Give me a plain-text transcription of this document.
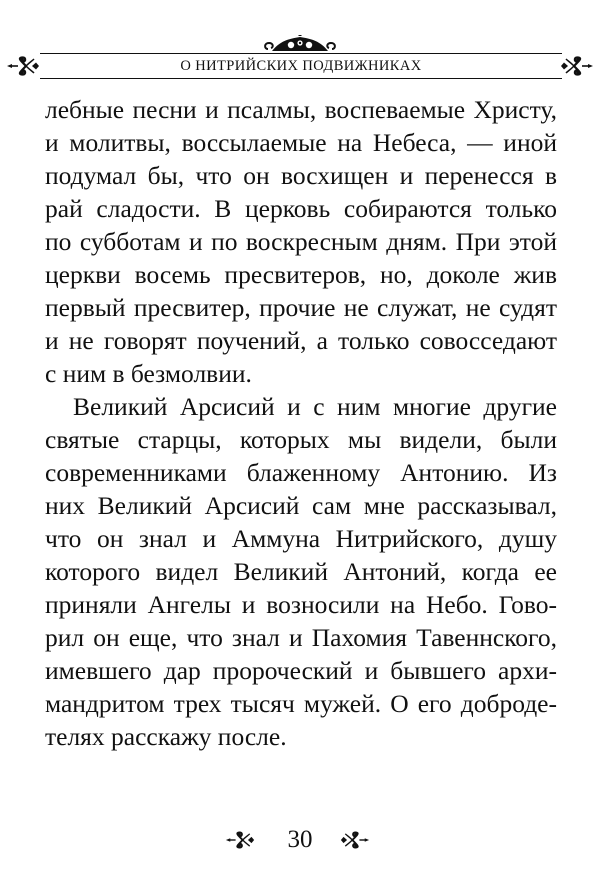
О НИТРИЙСКИХ ПОДВИЖНИКАХ
лебные песни и псалмы, воспеваемые Христу,
и молитвы, воссылаемые на Небеса, — иной
подумал бы, что он восхищен и перенесся в
рай сладости. В церковь собираются только
по субботам и по воскресным дням. При этой
церкви восемь пресвитеров, но, доколе жив
первый пресвитер, прочие не служат, не судят
и не говорят поучений, а только совосседают
с ним в безмолвии.
Великий Арсисий и с ним многие другие
святые старцы, которых мы видели, были
современниками блаженному Антонию. Из
них Великий Арсисий сам мне рассказывал,
что он знал и Аммуна Нитрийского, душу
которого видел Великий Антоний, когда ее
приняли Ангелы и возносили на Небо. Гово-
рил он еще, что знал и Пахомия Тавеннского,
имевшего дар пророческий и бывшего архи-
мандритом трех тысяч мужей. О его доброде-
телях расскажу после.
30
